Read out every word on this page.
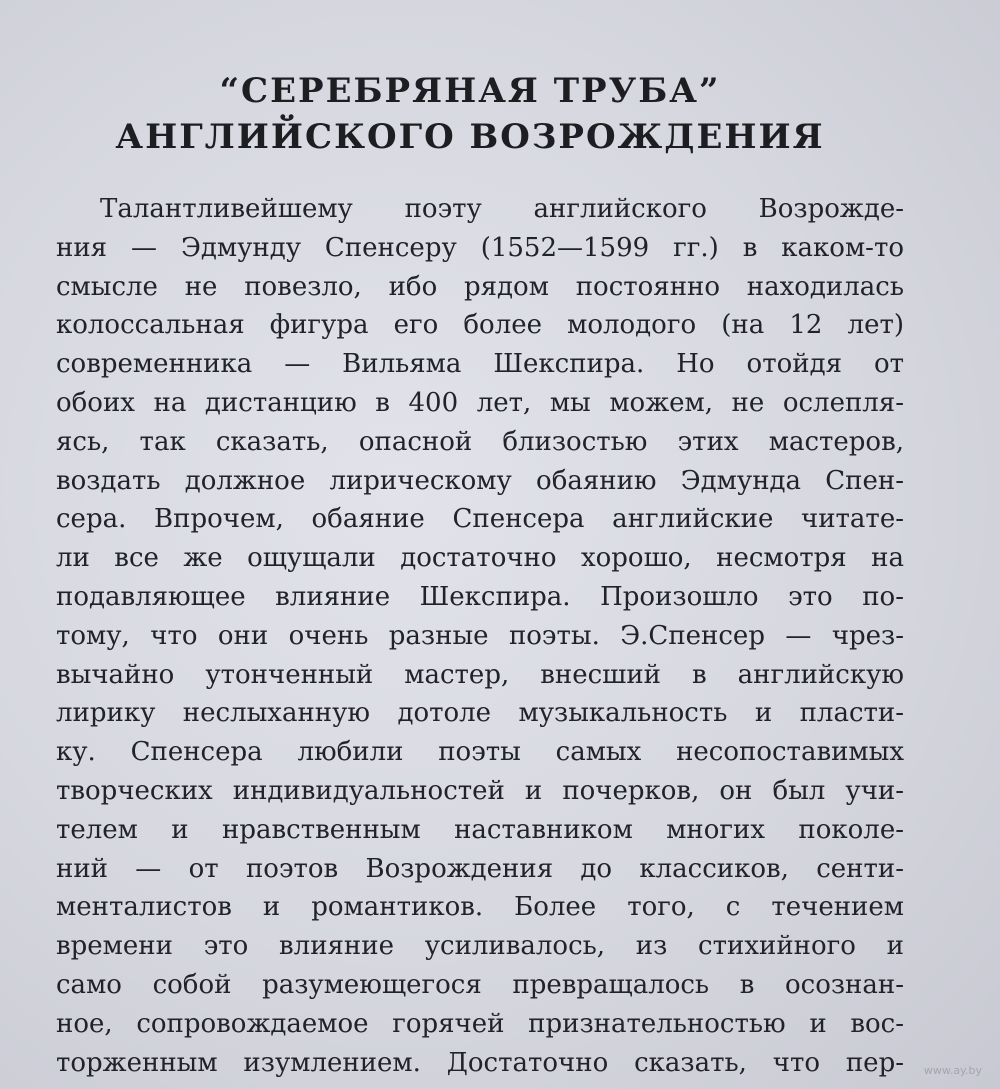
“СЕРЕБРЯНАЯ ТРУБА”
АНГЛИЙСКОГО ВОЗРОЖДЕНИЯ
Талантливейшему поэту английского Возрожде-
ния — Эдмунду Спенсеру (1552—1599 гг.) в каком-то
смысле не повезло, ибо рядом постоянно находилась
колоссальная фигура его более молодого (на 12 лет)
современника — Вильяма Шекспира. Но отойдя от
обоих на дистанцию в 400 лет, мы можем, не ослепля-
ясь, так сказать, опасной близостью этих мастеров,
воздать должное лирическому обаянию Эдмунда Спен-
сера. Впрочем, обаяние Спенсера английские читате-
ли все же ощущали достаточно хорошо, несмотря на
подавляющее влияние Шекспира. Произошло это по-
тому, что они очень разные поэты. Э.Спенсер — чрез-
вычайно утонченный мастер, внесший в английскую
лирику неслыханную дотоле музыкальность и пласти-
ку. Спенсера любили поэты самых несопоставимых
творческих индивидуальностей и почерков, он был учи-
телем и нравственным наставником многих поколе-
ний — от поэтов Возрождения до классиков, сенти-
менталистов и романтиков. Более того, с течением
времени это влияние усиливалось, из стихийного и
само собой разумеющегося превращалось в осознан-
ное, сопровождаемое горячей признательностью и вос-
торженным изумлением. Достаточно сказать, что пер- www.ay.by
